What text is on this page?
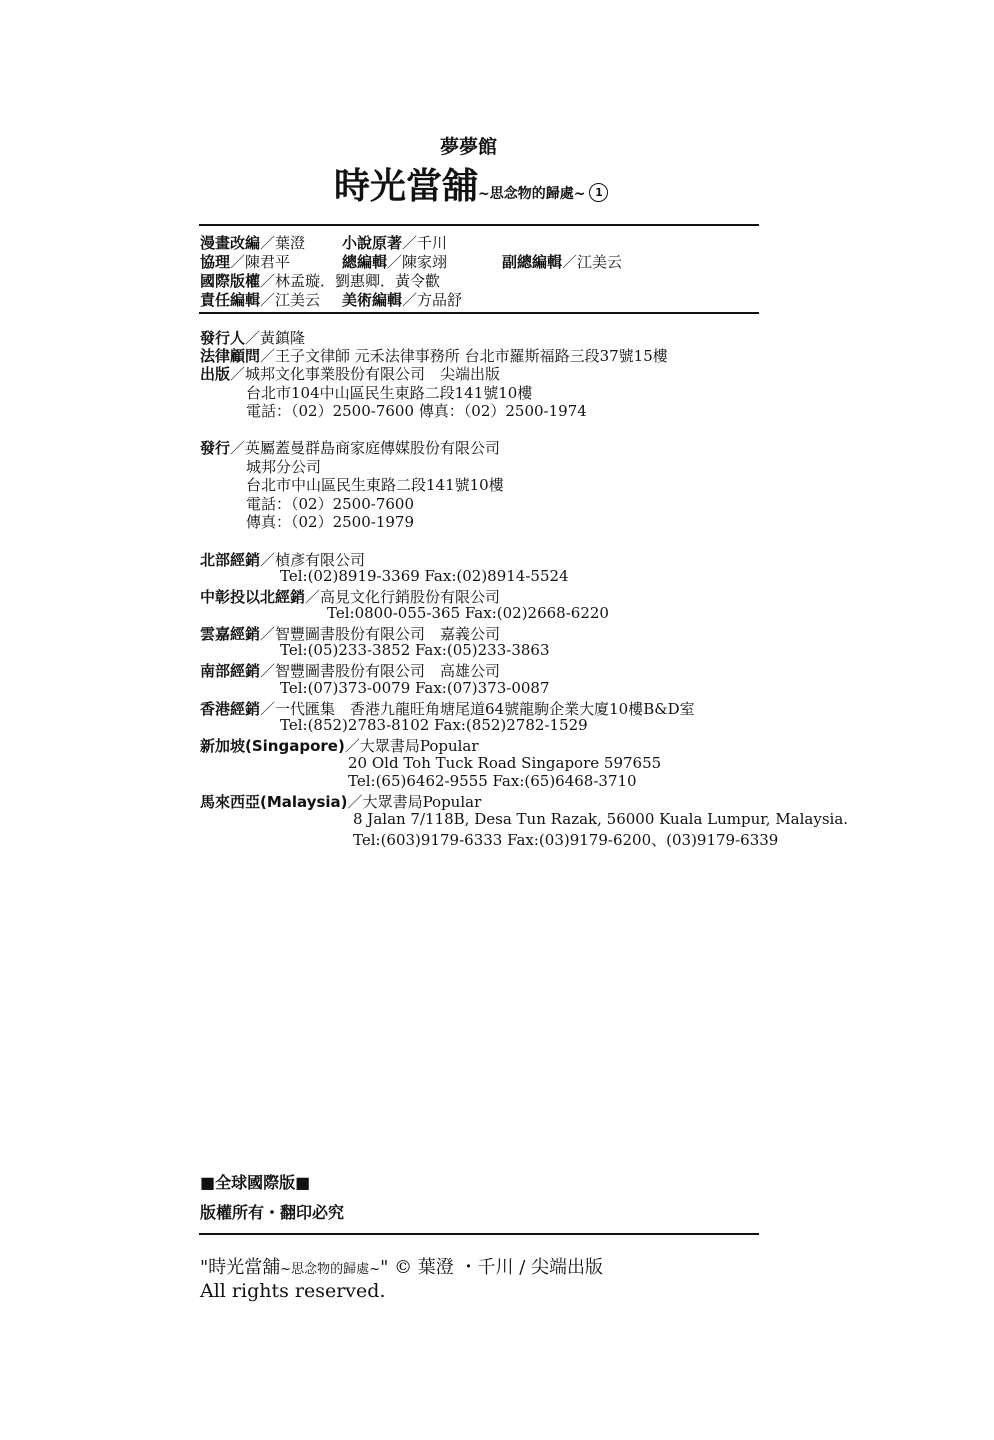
夢夢館
時光當舖~思念物的歸處~ 1
漫畫改編／葉澄 小說原著／千川
協理／陳君平	總編輯／陳家翊	副總編輯／江美云
國際版權／林孟璇．劉惠卿．黃令歡
責任編輯／江美云 美術編輯／方品舒
發行人／黃鎮隆
法律顧問／王子文律師 元禾法律事務所 台北市羅斯福路三段37號15樓
出版／城邦文化事業股份有限公司　尖端出版
台北市104中山區民生東路二段141號10樓
電話：（02）2500-7600 傳真：（02）2500-1974
發行／英屬蓋曼群島商家庭傳媒股份有限公司
城邦分公司
台北市中山區民生東路二段141號10樓
電話：（02）2500-7600
傳真：（02）2500-1979
北部經銷／楨彥有限公司
Tel:(02)8919-3369 Fax:(02)8914-5524
中彰投以北經銷／高見文化行銷股份有限公司
Tel:0800-055-365 Fax:(02)2668-6220
雲嘉經銷／智豐圖書股份有限公司　嘉義公司
Tel:(05)233-3852 Fax:(05)233-3863
南部經銷／智豐圖書股份有限公司　高雄公司
Tel:(07)373-0079 Fax:(07)373-0087
香港經銷／一代匯集　香港九龍旺角塘尾道64號龍駒企業大廈10樓B&D室
Tel:(852)2783-8102 Fax:(852)2782-1529
新加坡(Singapore)／大眾書局Popular
20 Old Toh Tuck Road Singapore 597655
Tel:(65)6462-9555 Fax:(65)6468-3710
馬來西亞(Malaysia)／大眾書局Popular
8 Jalan 7/118B, Desa Tun Razak, 56000 Kuala Lumpur, Malaysia.
Tel:(603)9179-6333 Fax:(03)9179-6200、(03)9179-6339
■全球國際版■
版權所有・翻印必究
"時光當舖~思念物的歸處~" © 葉澄 ・千川 / 尖端出版
All rights reserved.
